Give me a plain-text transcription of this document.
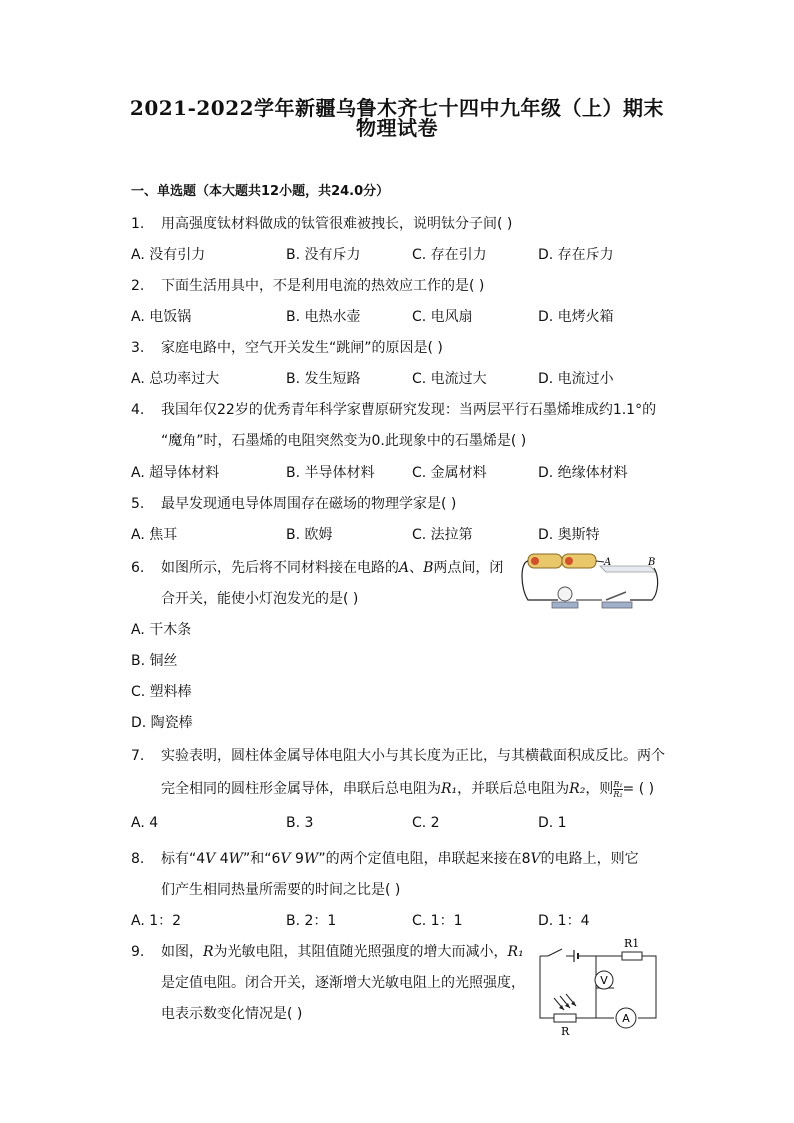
2021-2022学年新疆乌鲁木齐七十四中九年级（上）期末
物理试卷
一、单选题（本大题共12小题，共24.0分）
1. 用高强度钛材料做成的钛管很难被拽长，说明钛分子间( )
A. 没有引力	B. 没有斥力	C. 存在引力	D. 存在斥力
2. 下面生活用具中，不是利用电流的热效应工作的是( )
A. 电饭锅	B. 电热水壶	C. 电风扇	D. 电烤火箱
3. 家庭电路中，空气开关发生“跳闸”的原因是( )
A. 总功率过大	B. 发生短路	C. 电流过大	D. 电流过小
4. 我国年仅22岁的优秀青年科学家曹原研究发现：当两层平行石墨烯堆成约1.1°的
“魔角”时，石墨烯的电阻突然变为0.此现象中的石墨烯是( )
A. 超导体材料	B. 半导体材料	C. 金属材料	D. 绝缘体材料
5. 最早发现通电导体周围存在磁场的物理学家是( )
A. 焦耳	B. 欧姆	C. 法拉第	D. 奥斯特
6. 如图所示，先后将不同材料接在电路的A、B两点间，闭
合开关，能使小灯泡发光的是( )
A. 干木条
B. 铜丝
C. 塑料棒
D. 陶瓷棒
A	B
7. 实验表明，圆柱体金属导体电阻大小与其长度为正比，与其横截面积成反比。两个
完全相同的圆柱形金属导体，串联后总电阻为R₁，并联后总电阻为R₂，则 $\frac{\text{R₁}}{\text{R₂}}$ = ( )
A. 4	B. 3	C. 2	D. 1
8. 标有“4V 4W”和“6V 9W”的两个定值电阻，串联起来接在8V的电路上，则它
们产生相同热量所需要的时间之比是( )
A. 1：2	B. 2：1	C. 1：1	D. 1：4
9. 如图，R为光敏电阻，其阻值随光照强度的增大而减小，R₁
是定值电阻。闭合开关，逐渐增大光敏电阻上的光照强度，
电表示数变化情况是( )
V
A
R1
R
